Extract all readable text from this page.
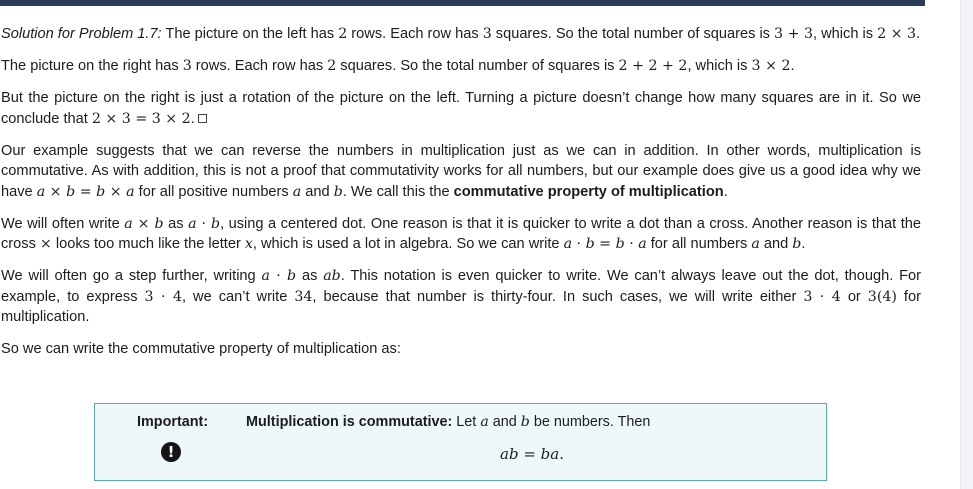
Solution for Problem 1.7: The picture on the left has 2 rows. Each row has 3 squares. So the total number of squares is 3 + 3, which is 2 × 3.

The picture on the right has 3 rows. Each row has 2 squares. So the total number of squares is 2 + 2 + 2, which is 3 × 2.

But the picture on the right is just a rotation of the picture on the left. Turning a picture doesn’t change how many squares are in it. So we conclude that 2 × 3 = 3 × 2.

Our example suggests that we can reverse the numbers in multiplication just as we can in addition. In other words, multiplication is commutative. As with addition, this is not a proof that commutativity works for all numbers, but our example does give us a good idea why we have a × b = b × a for all positive numbers a and b. We call this the commutative property of multiplication.

We will often write a × b as a · b, using a centered dot. One reason is that it is quicker to write a dot than a cross. Another reason is that the cross × looks too much like the letter x, which is used a lot in algebra. So we can write a · b = b · a for all numbers a and b.

We will often go a step further, writing a · b as ab. This notation is even quicker to write. We can’t always leave out the dot, though. For example, to express 3 · 4, we can’t write 34, because that number is thirty-four. In such cases, we will write either 3 · 4 or 3(4) for multiplication.

So we can write the commutative property of multiplication as:

Important:
!
Multiplication is commutative: Let a and b be numbers. Then
ab = ba.
